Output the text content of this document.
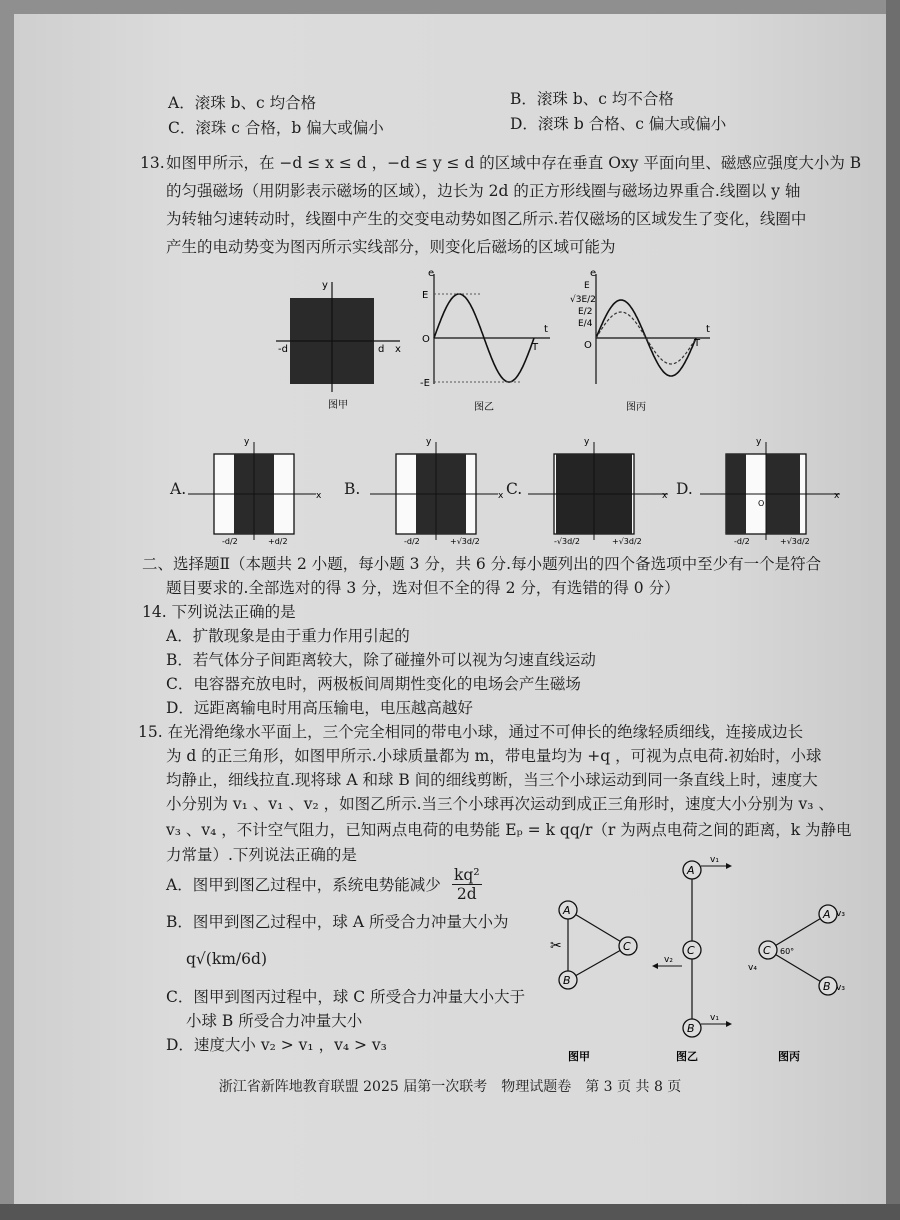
A．滚珠 b、c 均合格	B．滚珠 b、c 均不合格
C．滚珠 c 合格，b 偏大或偏小	D．滚珠 b 合格、c 偏大或偏小
13. 如图甲所示，在 −d ≤ x ≤ d ，−d ≤ y ≤ d 的区域中存在垂直 Oxy 平面向里、磁感应强度大小为 B
的匀强磁场（用阴影表示磁场的区域），边长为 2d 的正方形线圈与磁场边界重合.线圈以 y 轴
为转轴匀速转动时，线圈中产生的交变电动势如图乙所示.若仅磁场的区域发生了变化，线圈中
产生的电动势变为图丙所示实线部分，则变化后磁场的区域可能为
y
x
-d	d
图甲
e
E
O
-E
t
T
图乙
e
E
√3E/2
E/2
E/4
O
t
T
图丙
A.
y
x
-d/2	+d/2
B.
y
x
-d/2	+√3d/2
C.
y
x
-√3d/2	+√3d/2
D.
y
O
x
-d/2	+√3d/2
二、选择题Ⅱ（本题共 2 小题，每小题 3 分，共 6 分.每小题列出的四个备选项中至少有一个是符合
题目要求的.全部选对的得 3 分，选对但不全的得 2 分，有选错的得 0 分）
14. 下列说法正确的是
A．扩散现象是由于重力作用引起的
B．若气体分子间距离较大，除了碰撞外可以视为匀速直线运动
C．电容器充放电时，两极板间周期性变化的电场会产生磁场
D．远距离输电时用高压输电，电压越高越好
15. 在光滑绝缘水平面上，三个完全相同的带电小球，通过不可伸长的绝缘轻质细线，连接成边长
为 d 的正三角形，如图甲所示.小球质量都为 m，带电量均为 +q ，可视为点电荷.初始时，小球
均静止，细线拉直.现将球 A 和球 B 间的细线剪断，当三个小球运动到同一条直线上时，速度大
小分别为 v₁ 、v₁ 、v₂ ，如图乙所示.当三个小球再次运动到成正三角形时，速度大小分别为 v₃ 、
v₃ 、v₄ ，不计空气阻力，已知两点电荷的电势能 Eₚ = k qq/r（r 为两点电荷之间的距离，k 为静电
力常量）.下列说法正确的是
A．图甲到图乙过程中，系统电势能减少 $\frac{\text{kq²}}{2d}$
B．图甲到图乙过程中，球 A 所受合力冲量大小为
q√(km/6d)
C．图甲到图丙过程中，球 C 所受合力冲量大小大于
小球 B 所受合力冲量大小
D．速度大小 v₂ > v₁ ，v₄ > v₃
A
B
C
✂
图甲
A
C
B
v₁
v₂
v₁
图乙
C
A
B
v₃
v₃
v₄
60°
图丙
浙江省新阵地教育联盟 2025 届第一次联考　物理试题卷　第 3 页 共 8 页
